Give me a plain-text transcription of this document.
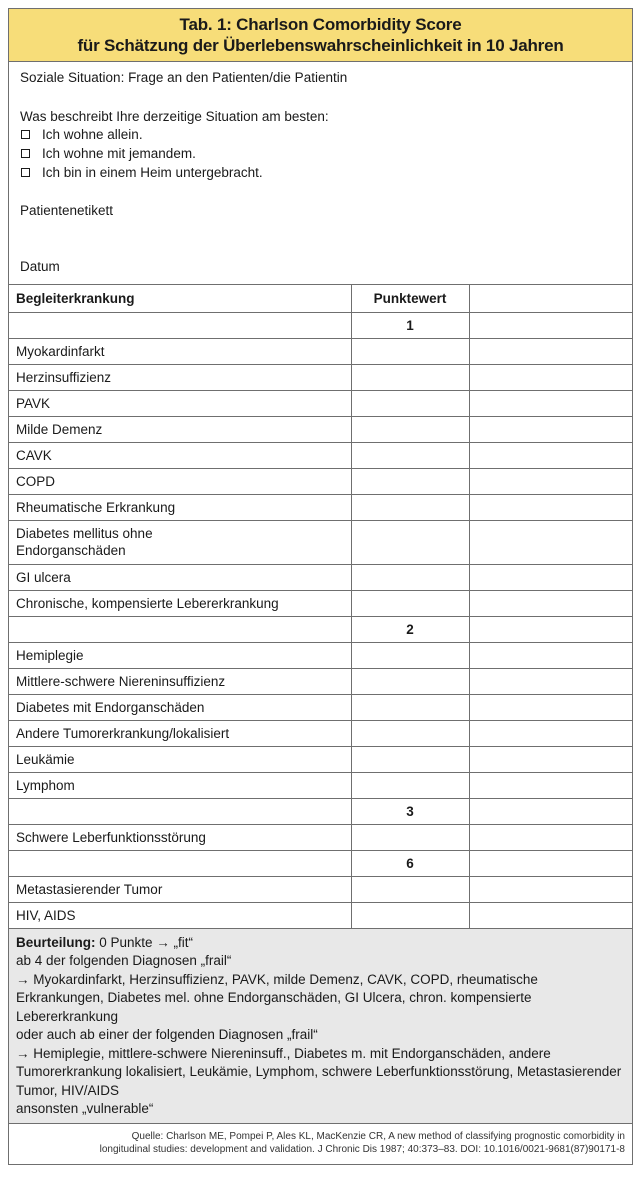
Tab. 1: Charlson Comorbidity Score
für Schätzung der Überlebenswahrscheinlichkeit in 10 Jahren
Soziale Situation: Frage an den Patienten/die Patientin
Was beschreibt Ihre derzeitige Situation am besten:
Ich wohne allein.
Ich wohne mit jemandem.
Ich bin in einem Heim untergebracht.
Patientenetikett
Datum
Begleiterkrankung	Punktewert	
	1	
Myokardinfarkt		
Herzinsuffizienz		
PAVK		
Milde Demenz		
CAVK		
COPD		
Rheumatische Erkrankung		
Diabetes mellitus ohne Endorganschäden		
GI ulcera		
Chronische, kompensierte Lebererkrankung		
	2	
Hemiplegie		
Mittlere-schwere Niereninsuffizienz		
Diabetes mit Endorganschäden		
Andere Tumorerkrankung/lokalisiert		
Leukämie		
Lymphom		
	3	
Schwere Leberfunktionsstörung		
	6	
Metastasierender Tumor		
HIV, AIDS		
Beurteilung: 0 Punkte → „fit“
ab 4 der folgenden Diagnosen „frail“
→ Myokardinfarkt, Herzinsuffizienz, PAVK, milde Demenz, CAVK, COPD, rheumatische Erkrankungen, Diabetes mel. ohne Endorganschäden, GI Ulcera, chron. kompensierte Lebererkrankung
oder auch ab einer der folgenden Diagnosen „frail“
→ Hemiplegie, mittlere-schwere Niereninsuff., Diabetes m. mit Endorganschäden, andere Tumorerkrankung lokalisiert, Leukämie, Lymphom, schwere Leberfunktionsstörung, Metastasierender Tumor, HIV/AIDS
ansonsten „vulnerable“
Quelle: Charlson ME, Pompei P, Ales KL, MacKenzie CR, A new method of classifying prognostic comorbidity in
longitudinal studies: development and validation. J Chronic Dis 1987; 40:373–83. DOI: 10.1016/0021-9681(87)90171-8
